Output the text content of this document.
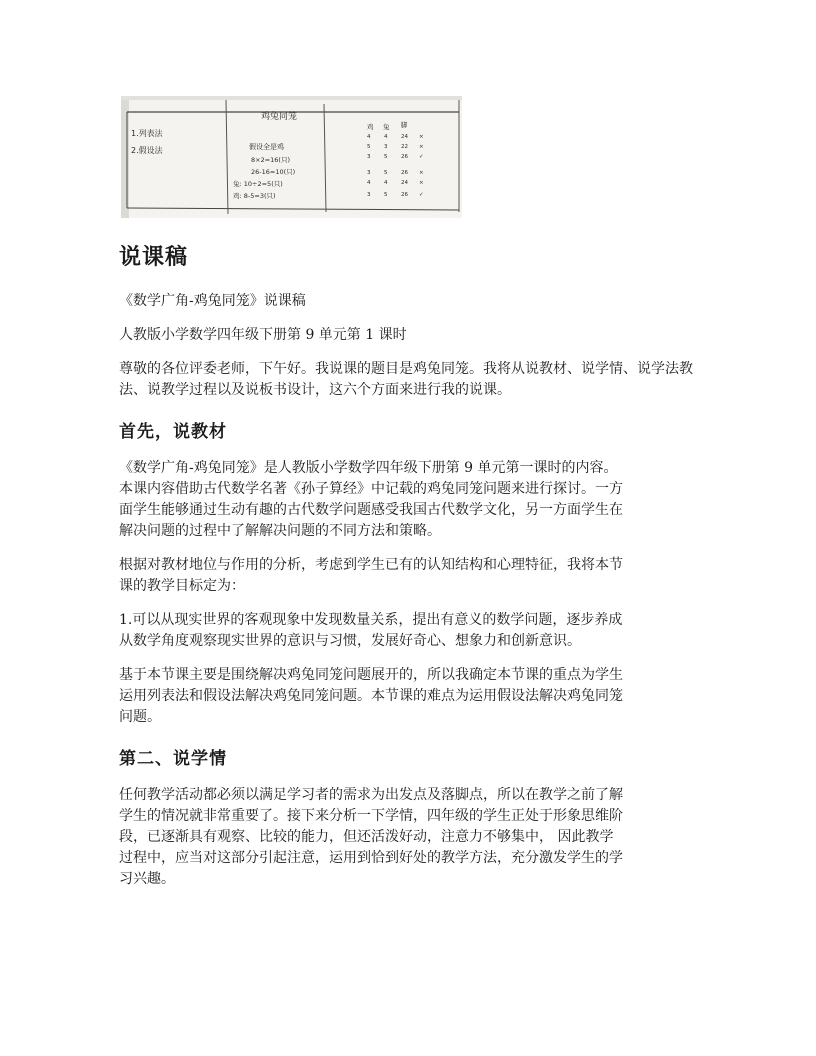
鸡兔同笼
1.列表法
2.假设法	假设全是鸡
8×2=16(只)
26-16=10(只)
兔: 10÷2=5(只)
鸡: 8-5=3(只)
鸡 兔 脚
4 4 24 ×
5 3 22 ×
3 5 26 ✓
3 5 26 ×
4 4 24 ×
3 5 26 ✓
说课稿

《数学广角-鸡兔同笼》说课稿

人教版小学数学四年级下册第 9 单元第 1 课时

尊敬的各位评委老师，下午好。我说课的题目是鸡兔同笼。我将从说教材、说学情、说学法教法、说教学过程以及说板书设计，这六个方面来进行我的说课。

首先，说教材
《数学广角-鸡兔同笼》是人教版小学数学四年级下册第 9 单元第一课时的内容。
本课内容借助古代数学名著《孙子算经》中记载的鸡兔同笼问题来进行探讨。一方
面学生能够通过生动有趣的古代数学问题感受我国古代数学文化，另一方面学生在
解决问题的过程中了解解决问题的不同方法和策略。
根据对教材地位与作用的分析，考虑到学生已有的认知结构和心理特征，我将本节
课的教学目标定为：
1.可以从现实世界的客观现象中发现数量关系，提出有意义的数学问题，逐步养成
从数学角度观察现实世界的意识与习惯，发展好奇心、想象力和创新意识。
基于本节课主要是围绕解决鸡兔同笼问题展开的，所以我确定本节课的重点为学生
运用列表法和假设法解决鸡兔同笼问题。本节课的难点为运用假设法解决鸡兔同笼
问题。
第二、说学情
任何教学活动都必须以满足学习者的需求为出发点及落脚点，所以在教学之前了解
学生的情况就非常重要了。接下来分析一下学情，四年级的学生正处于形象思维阶
段，已逐渐具有观察、比较的能力，但还活泼好动，注意力不够集中， 因此教学
过程中，应当对这部分引起注意，运用到恰到好处的教学方法，充分激发学生的学
习兴趣。
